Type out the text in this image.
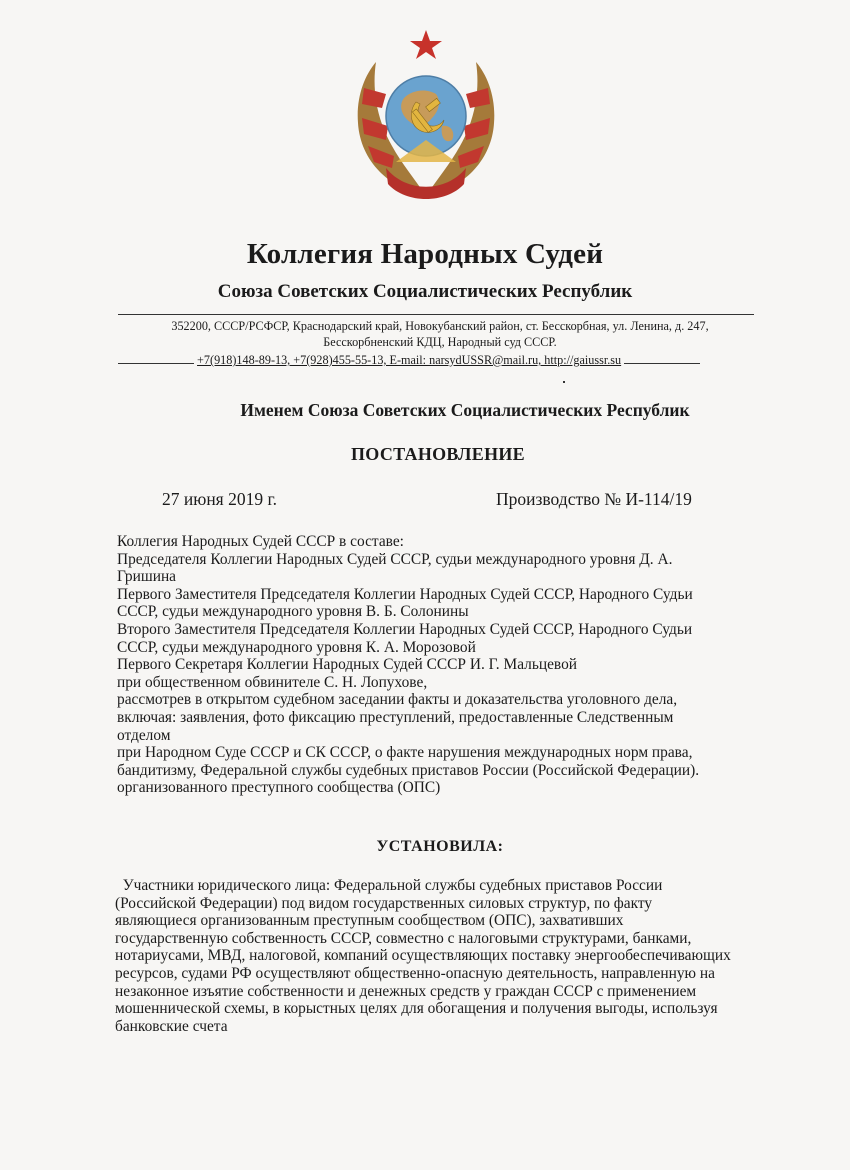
Коллегия Народных Судей
Союза Советских Социалистических Республик
352200, СССР/РСФСР, Краснодарский край, Новокубанский район, ст. Бесскорбная, ул. Ленина, д. 247,
Бесскорбненский КДЦ, Народный суд СССР.
+7(918)148-89-13, +7(928)455-55-13, E-mail: narsydUSSR@mail.ru, http://gaiussr.su
Именем Союза Советских Социалистических Республик
ПОСТАНОВЛЕНИЕ
27 июня 2019 г.	Производство № И-114/19
Коллегия Народных Судей СССР в составе:
Председателя Коллегии Народных Судей СССР, судьи международного уровня Д. А.
Гришина
Первого Заместителя Председателя Коллегии Народных Судей СССР, Народного Судьи
СССР, судьи международного уровня В. Б. Солонины
Второго Заместителя Председателя Коллегии Народных Судей СССР, Народного Судьи
СССР, судьи международного уровня К. А. Морозовой
Первого Секретаря Коллегии Народных Судей СССР И. Г. Мальцевой
при общественном обвинителе С. Н. Лопухове,
рассмотрев в открытом судебном заседании факты и доказательства уголовного дела,
включая: заявления, фото фиксацию преступлений, предоставленные Следственным
отделом
при Народном Суде СССР и СК СССР, о факте нарушения международных норм права,
бандитизму, Федеральной службы судебных приставов России (Российской Федерации).
организованного преступного сообщества (ОПС)
УСТАНОВИЛА:
Участники юридического лица: Федеральной службы судебных приставов России
(Российской Федерации) под видом государственных силовых структур, по факту
являющиеся организованным преступным сообществом (ОПС), захвативших
государственную собственность СССР, совместно с налоговыми структурами, банками,
нотариусами, МВД, налоговой, компаний осуществляющих поставку энергообеспечивающих
ресурсов, судами РФ осуществляют общественно-опасную деятельность, направленную на
незаконное изъятие собственности и денежных средств у граждан СССР с применением
мошеннической схемы, в корыстных целях для обогащения и получения выгоды, используя
банковские счета
